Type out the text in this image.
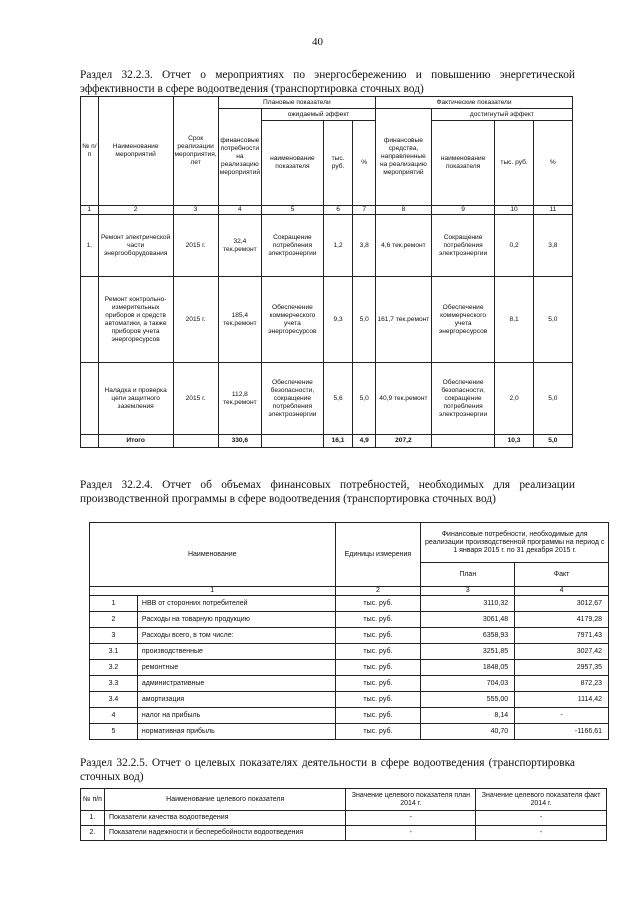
40
Раздел 32.2.3. Отчет о мероприятиях по энергосбережению и повышению энергетической эффективности в сфере водоотведения (транспортировка сточных вод)
№ п/ п	Наименование мероприятий	Срок реализации мероприятия, лет	Плановые показатели				Фактические показатели			
			финансовые потребности на реализацию мероприятий	ожидаемый эффект			финансовые средства, направленные на реализацию мероприятий	достигнутый эффект		
				наименование показателя	тыс. руб.	%		наименование показателя	тыс. руб.	%
1	2	3	4	5	6	7	8	9	10	11
1.	Ремонт электрической части энергооборудования	2015 г.	32,4 тек.ремонт	Сокращение потребления электроэнергии	1,2	3,8	4,6 тек.ремонт	Сокращение потребления электроэнергии	0,2	3,8
	Ремонт контрольно-измерительных приборов и средств автоматики, а также приборов учета энергоресурсов	2015 г.	185,4 тек.ремонт	Обеспечение коммерческого учета энергоресурсов	9,3	5,0	161,7 тек.ремонт	Обеспечение коммерческого учета энергоресурсов	8,1	5,0
	Наладка и проверка цепи защитного заземления	2015 г.	112,8 тек.ремонт	Обеспечение безопасности, сокращение потребления электроэнергии	5,6	5,0	40,9 тек.ремонт	Обеспечение безопасности, сокращение потребления электроэнергии	2,0	5,0
	Итого		330,6		16,1	4,9	207,2		10,3	5,0
Раздел 32.2.4. Отчет об объемах финансовых потребностей, необходимых для реализации производственной программы в сфере водоотведения (транспортировка сточных вод)
Наименование		Единицы измерения	Финансовые потребности, необходимые для реализации производственной программы на период с 1 января 2015 г. по 31 декабря 2015 г.	
			План	Факт
1		2	3	4
1	НВВ от сторонних потребителей	тыс. руб.	3110,32	3012,67
2	Расходы на товарную продукцию	тыс. руб.	3061,48	4179,28
3	Расходы всего, в том числе:	тыс. руб.	6358,93	7971,43
3.1	производственные	тыс. руб.	3251,85	3027,42
3.2	ремонтные	тыс. руб.	1848,05	2957,35
3.3	административные	тыс. руб.	704,03	872,23
3.4	амортизация	тыс. руб.	555,00	1114,42
4	налог на прибыль	тыс. руб.	8,14	-
5	нормативная прибыль	тыс. руб.	40,70	-1166,61
Раздел 32.2.5. Отчет о целевых показателях деятельности в сфере водоотведения (транспортировка сточных вод)
№ п/п	Наименование целевого показателя	Значение целевого показателя план 2014 г.	Значение целевого показателя факт 2014 г.
1.	Показатели качества водоотведения	-	-
2.	Показатели надежности и бесперебойности водоотведения	-	-
